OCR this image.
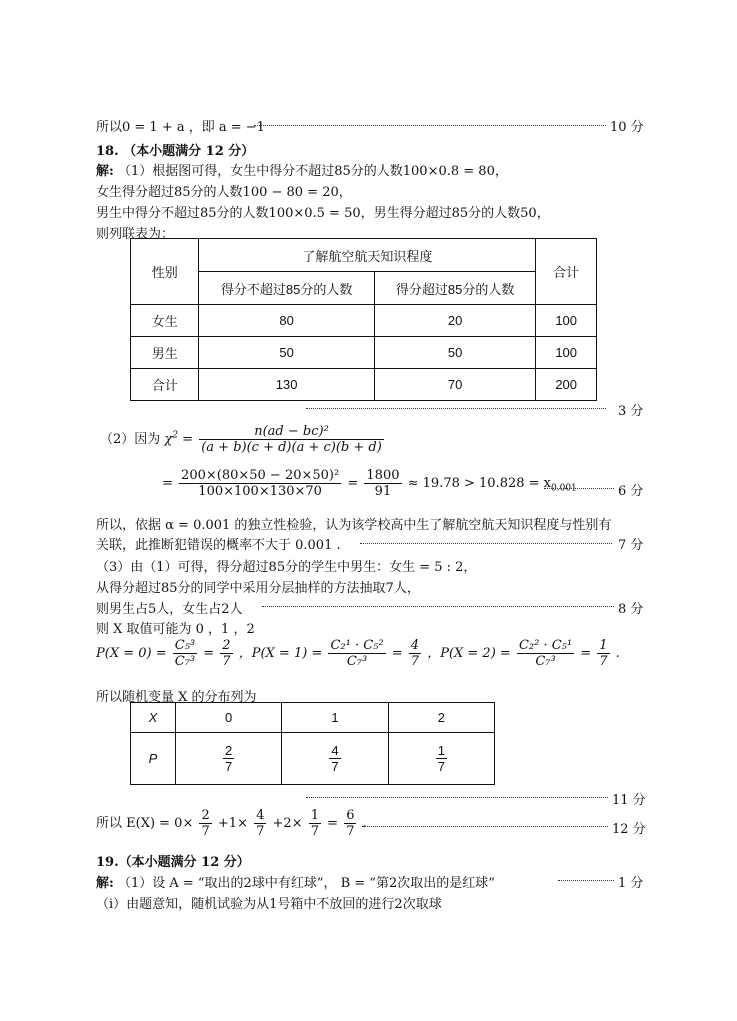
所以0 = 1 + a ，即 a = −1	10 分
18. （本小题满分 12 分）
解: （1）根据图可得，女生中得分不超过85分的人数100×0.8 = 80，
女生得分超过85分的人数100 − 80 = 20，
男生中得分不超过85分的人数100×0.5 = 50，男生得分超过85分的人数50，
则列联表为：
性别	了解航空航天知识程度		合计
	得分不超过85分的人数	得分超过85分的人数	
女生	80	20	100
男生	50	50	100
合计	130	70	200
3 分
（2）因为 $\chi^2 = \frac{\text{n(ad − bc)²}}{(a + b)(c + d)(a + c)(b + d)}$
= $\frac{\text{200×(80×50 − 20×50)²}}{100\times 100\times 130\times 70} = \frac{1800}{91} \approx 19.78 > 10.828 = x_{0.001}$	6 分
所以，依据 α = 0.001 的独立性检验，认为该学校高中生了解航空航天知识程度与性别有
关联，此推断犯错误的概率不大于 0.001 .	7 分
（3）由（1）可得，得分超过85分的学生中男生：女生 = 5 : 2，
从得分超过85分的同学中采用分层抽样的方法抽取7人，
则男生占5人，女生占2人	8 分
则 X 取值可能为 0 ，1 ，2
$P(X = 0) = \frac{\text{C₅³}}{\text{C₇³}} = \frac{2}{7}$ ，$P(X = 1) = \frac{\text{C₂¹ · C₅²}}{\text{C₇³}} = \frac{4}{7}$ ，$P(X = 2) = \frac{\text{C₂² · C₅¹}}{\text{C₇³}} = \frac{1}{7}$ .
所以随机变量 X 的分布列为
X	0	1	2
P	$\frac{2}{7}$	$\frac{4}{7}$	$\frac{1}{7}$
11 分
所以 $E(X) = 0\times \frac{2}{7} +1\times \frac{4}{7} +2\times \frac{1}{7} = \frac{6}{7}$ .	12 分
19.（本小题满分 12 分）
解: （1）设 A = “取出的2球中有红球”， B = “第2次取出的是红球”	1 分
（ⅰ）由题意知，随机试验为从1号箱中不放回的进行2次取球
